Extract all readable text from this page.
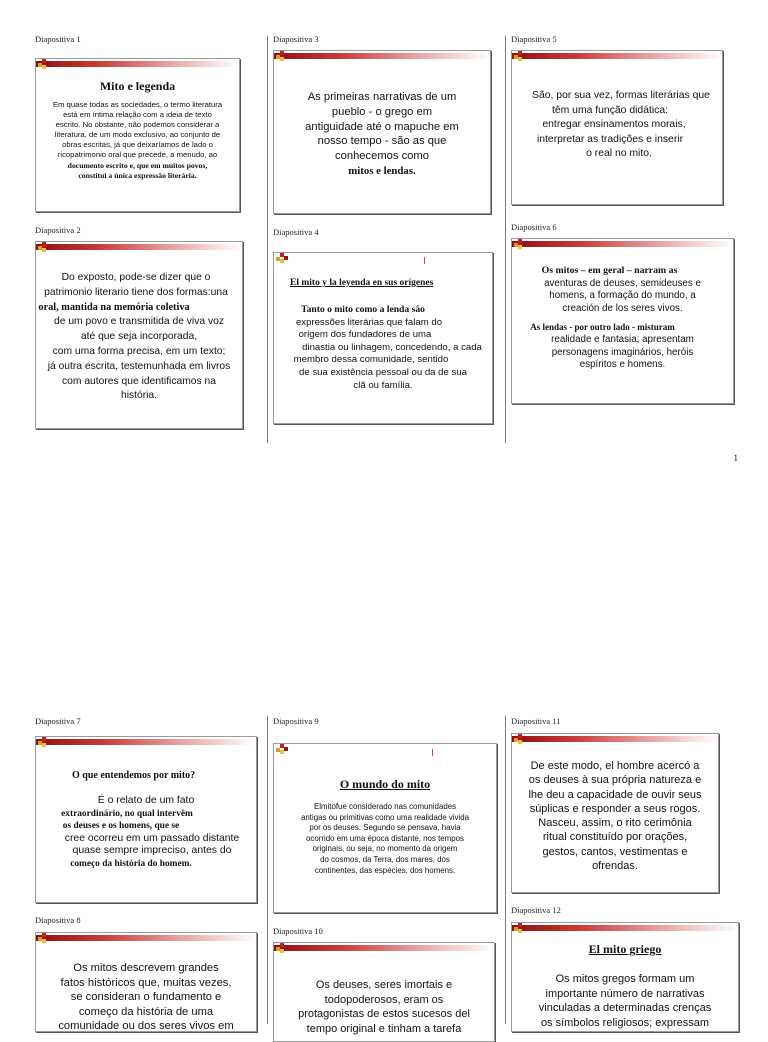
1
Diapositiva 1
Mito e legenda
Em quase todas as sociedades, o termo literatura
está em íntima relação com a ideia de texto
escrito. No obstante, não podemos considerar a
literatura, de um modo exclusivo, ao conjunto de
obras escritas, já que deixaríamos de lado o
ricopatrimonio oral que precede, a menudo, ao
documento escrito e, que em muitos povos,
constitui a única expressão literária.
Diapositiva 2
Do exposto, pode-se dizer que o
patrimonio literario tiene dos formas:una
oral, mantida na memória coletiva
de um povo e transmitida de viva voz
até que seja incorporada,
com uma forma precisa, em um texto;
já outra escrita, testemunhada em livros
com autores que identificamos na
história.
Diapositiva 3
As primeiras narrativas de um
pueblo - o grego em
antiguidade até o mapuche em
nosso tempo - são as que
conhecemos como
mitos e lendas.
Diapositiva 4
El mito y la leyenda en sus orígenes
Tanto o mito como a lenda são
expressões literárias que falam do
origem dos fundadores de uma
dinastia ou linhagem, concedendo, a cada
membro dessa comunidade, sentido
de sua existência pessoal ou da de sua
clã ou família.
Diapositiva 5
São, por sua vez, formas literárias que
têm uma função didática:
entregar ensinamentos morais,
interpretar as tradições e inserir
o real no mito.
Diapositiva 6
Os mitos – em geral – narram as
aventuras de deuses, semideuses e
homens, a formação do mundo, a
creación de los seres vivos.
As lendas - por outro lado - misturam
realidade e fantasia; apresentam
personagens imaginários, heróis
espíritos e homens.
Diapositiva 7
O que entendemos por mito?
É o relato de um fato
extraordinário, no qual intervêm
os deuses e os homens, que se
cree ocorreu em um passado distante
quase sempre impreciso, antes do
começo da história do homem.
Diapositiva 8
Os mitos descrevem grandes
fatos históricos que, muitas vezes,
se consideran o fundamento e
começo da história de uma
comunidade ou dos seres vivos em
Diapositiva 9
O mundo do mito
Elmitofue considerado nas comunidades
antigas ou primitivas como uma realidade vivida
por os deuses. Segundo se pensava, havia
ocorrido em uma época distante, nos tempos
originais, ou seja, no momento da origem
do cosmos, da Terra, dos mares, dos
continentes, das espécies, dos homens.
Diapositiva 10
Os deuses, seres imortais e
todopoderosos, eram os
protagonistas de estos sucesos del
tempo original e tinham a tarefa
Diapositiva 11
De este modo, el hombre acercó a
os deuses à sua própria natureza e
lhe deu a capacidade de ouvir seus
súplicas e responder a seus rogos.
Nasceu, assim, o rito cerimônia
ritual constituído por orações,
gestos, cantos, vestimentas e
ofrendas.
Diapositiva 12
El mito griego
Os mitos gregos formam um
importante número de narrativas
vinculadas a determinadas crenças
os símbolos religiosos; expressam
